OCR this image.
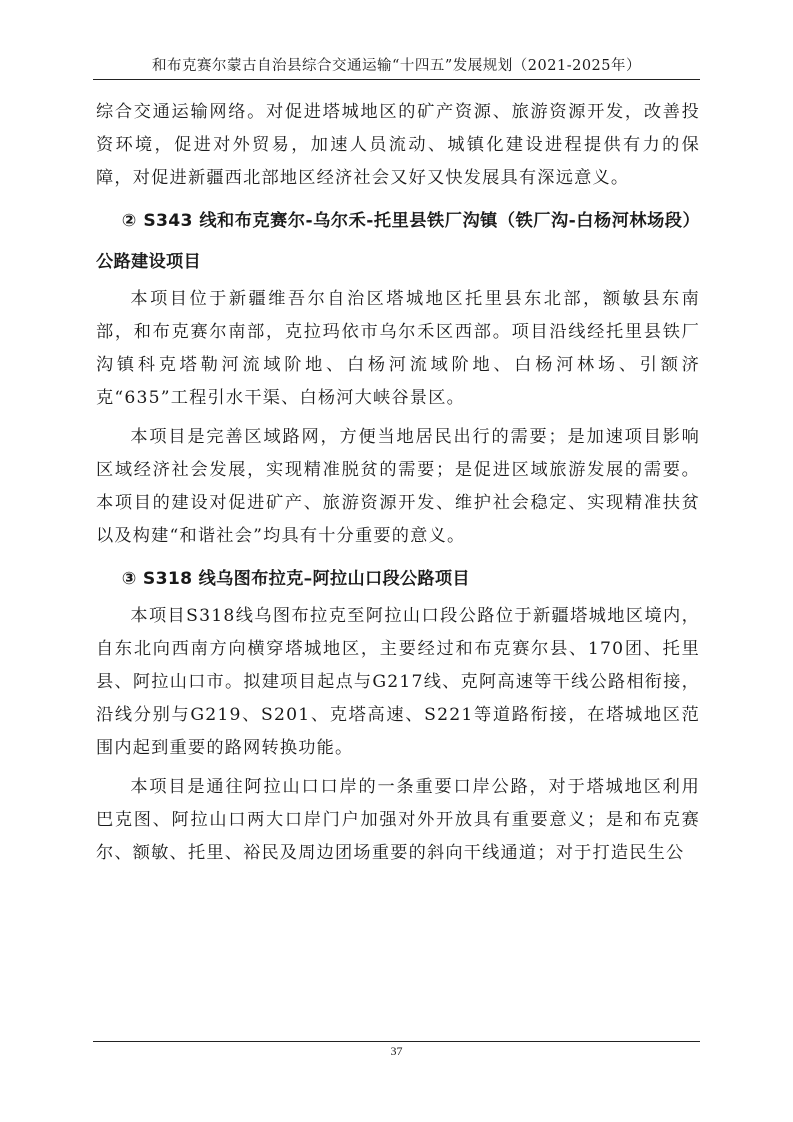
和布克赛尔蒙古自治县综合交通运输“十四五”发展规划（2021-2025年）

综合交通运输网络。对促进塔城地区的矿产资源、旅游资源开发，改善投资环境，促进对外贸易，加速人员流动、城镇化建设进程提供有力的保障，对促进新疆西北部地区经济社会又好又快发展具有深远意义。

② S343 线和布克赛尔-乌尔禾-托里县铁厂沟镇（铁厂沟-白杨河林场段）公路建设项目

本项目位于新疆维吾尔自治区塔城地区托里县东北部，额敏县东南部，和布克赛尔南部，克拉玛依市乌尔禾区西部。项目沿线经托里县铁厂沟镇科克塔勒河流域阶地、白杨河流域阶地、白杨河林场、引额济克“635”工程引水干渠、白杨河大峡谷景区。

本项目是完善区域路网，方便当地居民出行的需要；是加速项目影响区域经济社会发展，实现精准脱贫的需要；是促进区域旅游发展的需要。本项目的建设对促进矿产、旅游资源开发、维护社会稳定、实现精准扶贫以及构建“和谐社会”均具有十分重要的意义。

③ S318 线乌图布拉克–阿拉山口段公路项目

本项目S318线乌图布拉克至阿拉山口段公路位于新疆塔城地区境内，自东北向西南方向横穿塔城地区，主要经过和布克赛尔县、170团、托里县、阿拉山口市。拟建项目起点与G217线、克阿高速等干线公路相衔接，沿线分别与G219、S201、克塔高速、S221等道路衔接，在塔城地区范围内起到重要的路网转换功能。

本项目是通往阿拉山口口岸的一条重要口岸公路，对于塔城地区利用巴克图、阿拉山口两大口岸门户加强对外开放具有重要意义；是和布克赛尔、额敏、托里、裕民及周边团场重要的斜向干线通道；对于打造民生公

37
